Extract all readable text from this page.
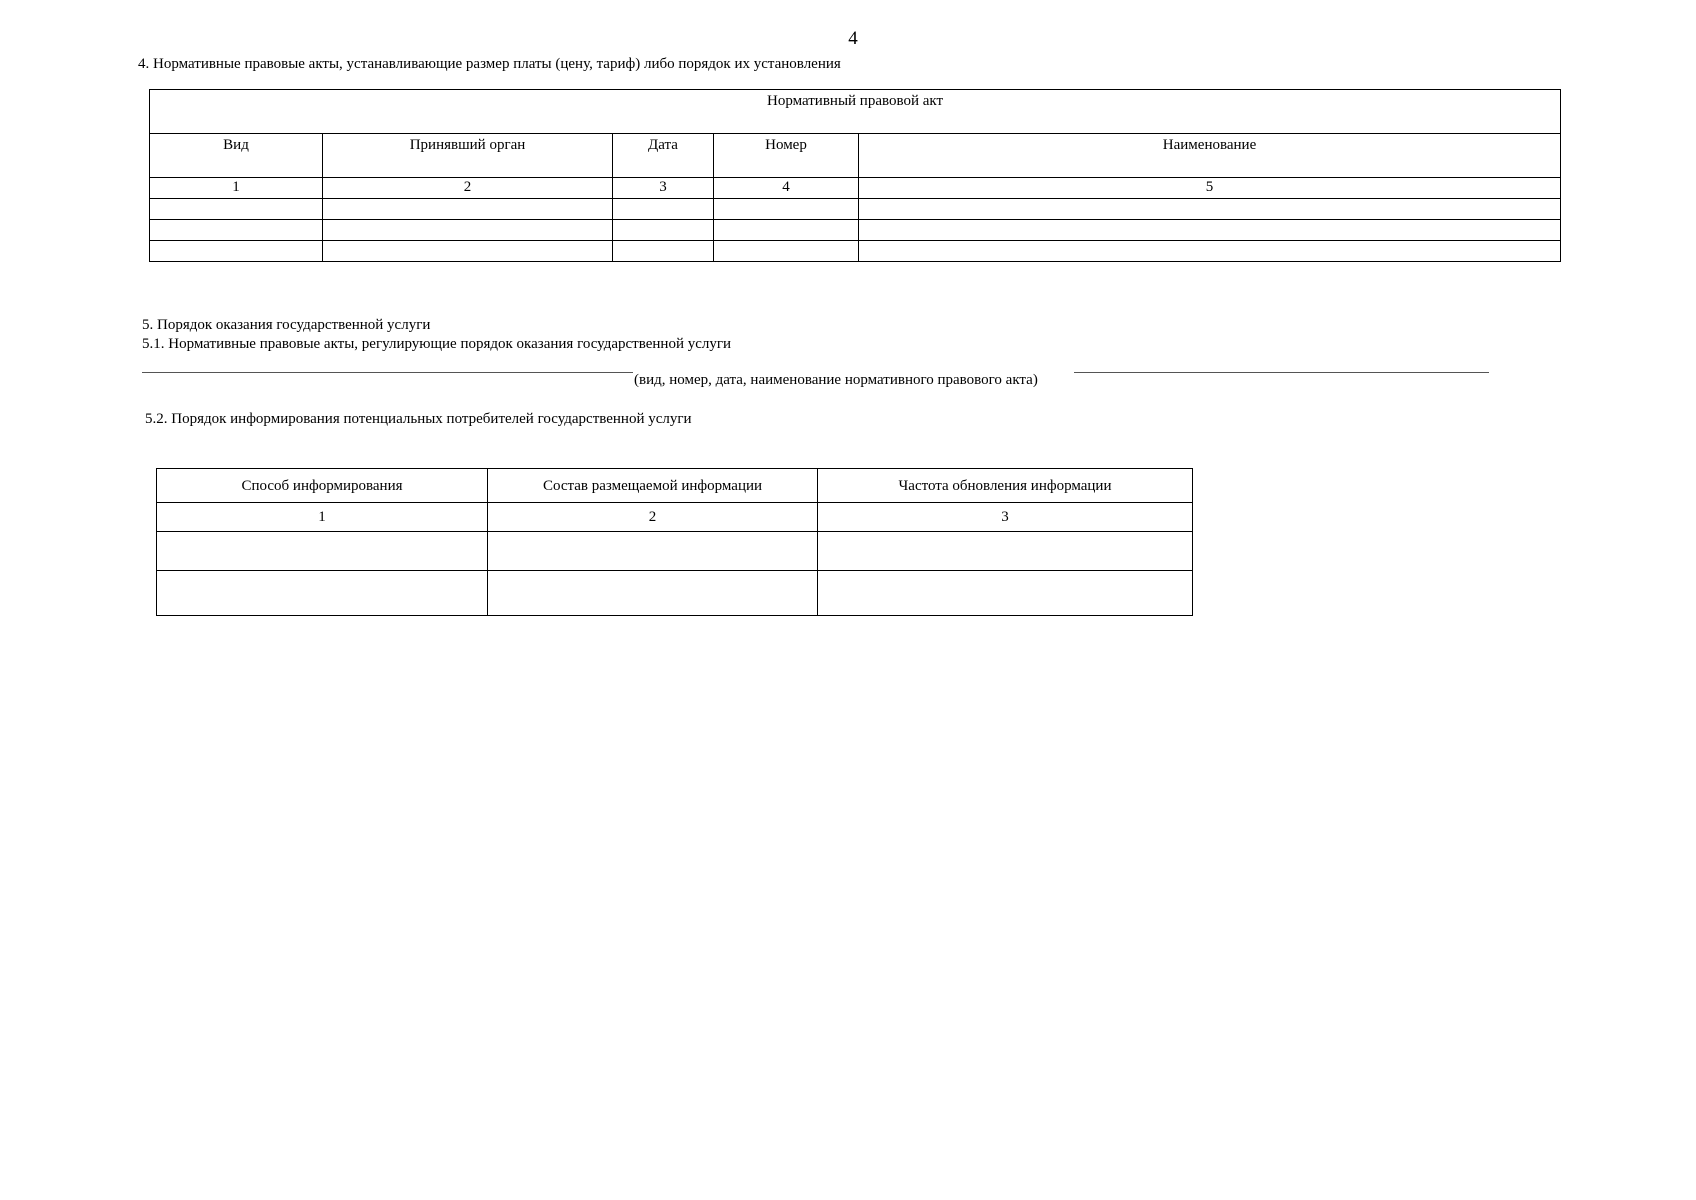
4
4. Нормативные правовые акты, устанавливающие размер платы (цену, тариф) либо порядок их установления
Нормативный правовой акт				
Вид	Принявший орган	Дата	Номер	Наименование
1	2	3	4	5

5. Порядок оказания государственной услуги
5.1. Нормативные правовые акты, регулирующие порядок оказания государственной услуги
(вид, номер, дата, наименование нормативного правового акта)
5.2. Порядок информирования потенциальных потребителей государственной услуги
Способ информирования	Состав размещаемой информации	Частота обновления информации
1	2	3
